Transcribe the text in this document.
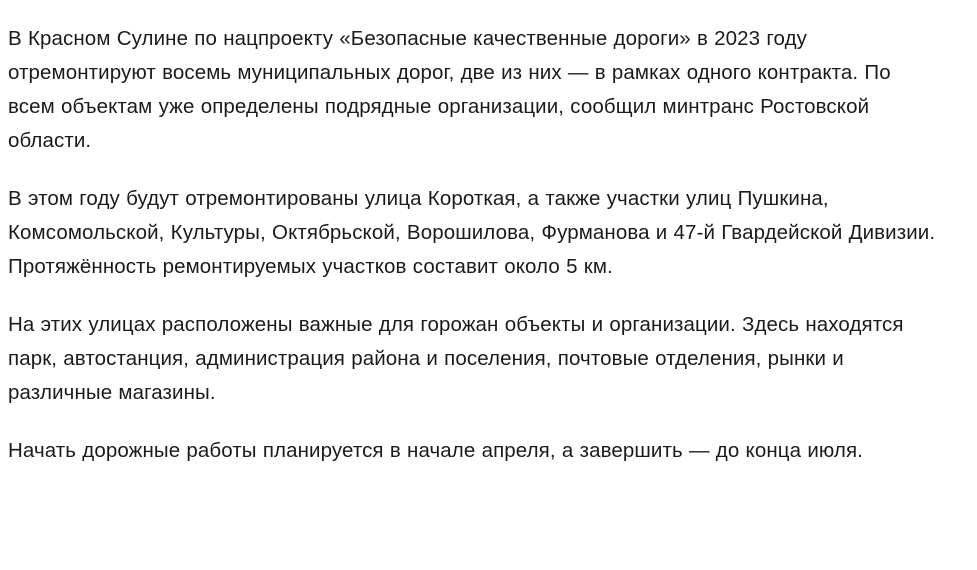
В Красном Сулине по нацпроекту «Безопасные качественные дороги» в 2023 году отремонтируют восемь муниципальных дорог, две из них — в рамках одного контракта. По всем объектам уже определены подрядные организации, сообщил минтранс Ростовской области.

В этом году будут отремонтированы улица Короткая, а также участки улиц Пушкина, Комсомольской, Культуры, Октябрьской, Ворошилова, Фурманова и 47-й Гвардейской Дивизии. Протяжённость ремонтируемых участков составит около 5 км.

На этих улицах расположены важные для горожан объекты и организации. Здесь находятся парк, автостанция, администрация района и поселения, почтовые отделения, рынки и различные магазины.

Начать дорожные работы планируется в начале апреля, а завершить — до конца июля.
